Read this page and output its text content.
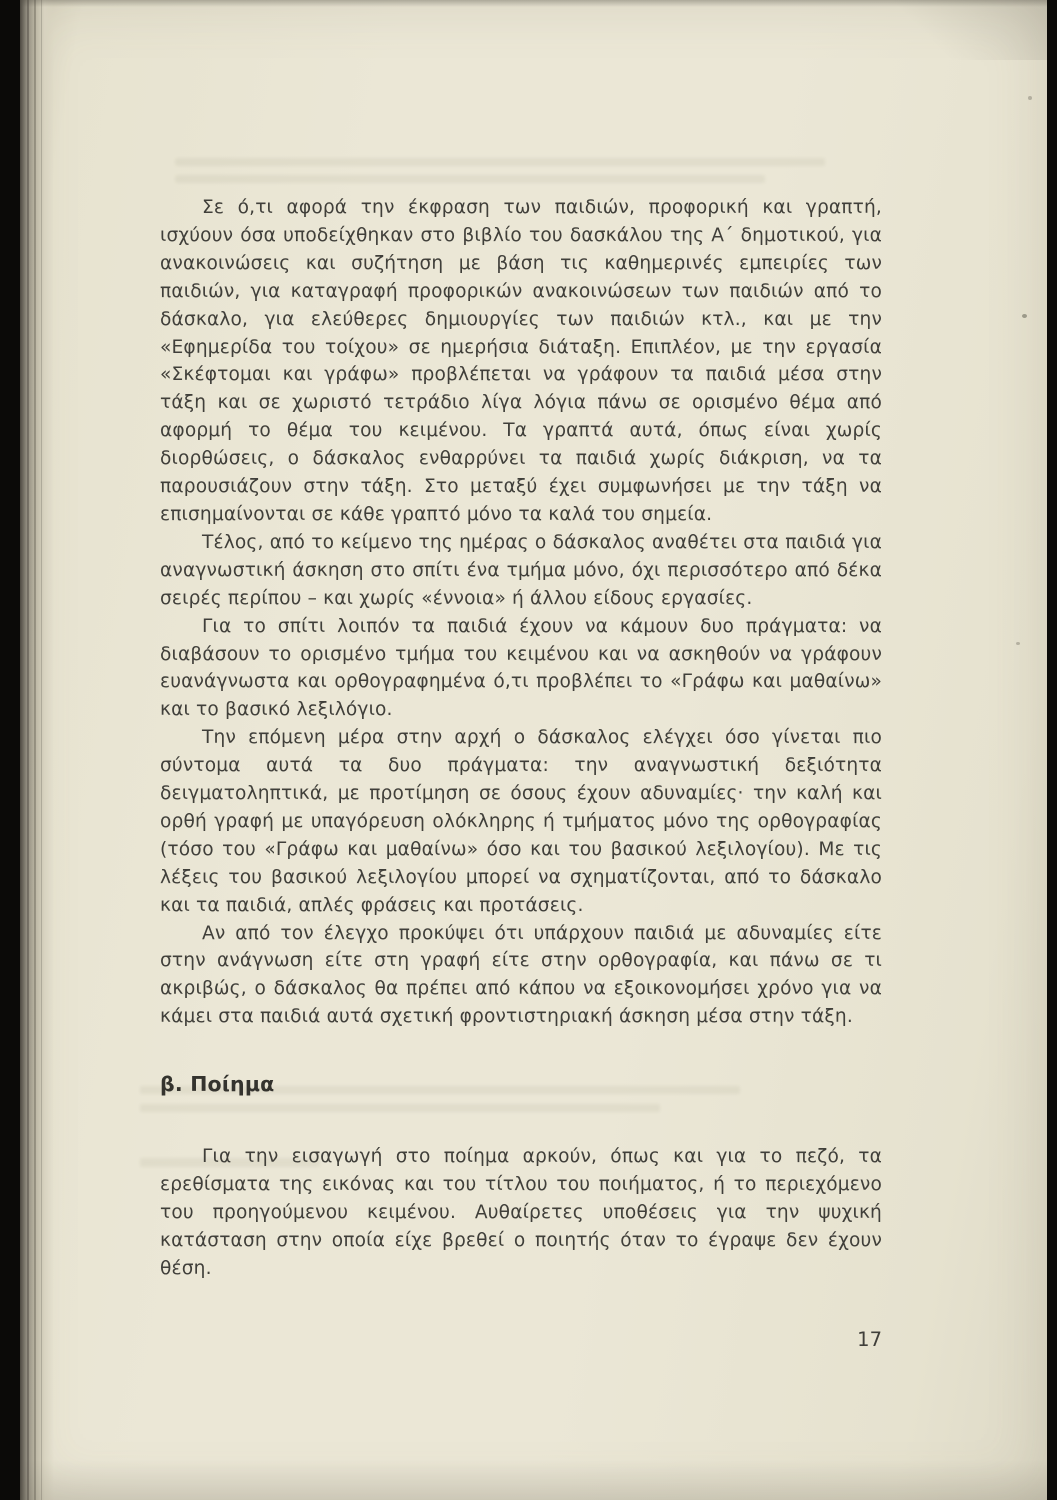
Σε ό,τι αφορά την έκφραση των παιδιών, προφορική και γραπτή, ισχύουν όσα υποδείχθηκαν στο βιβλίο του δασκάλου της Α΄ δημοτικού, για ανακοινώσεις και συζήτηση με βάση τις καθημερινές εμπειρίες των παιδιών, για καταγραφή προφορικών ανακοινώσεων των παιδιών από το δάσκαλο, για ελεύθερες δημιουργίες των παιδιών κτλ., και με την «Εφημερίδα του τοίχου» σε ημερήσια διάταξη. Επιπλέον, με την εργασία «Σκέφτομαι και γράφω» προβλέπεται να γράφουν τα παιδιά μέσα στην τάξη και σε χωριστό τετράδιο λίγα λόγια πάνω σε ορισμένο θέμα από αφορμή το θέμα του κειμένου. Τα γραπτά αυτά, όπως είναι χωρίς διορθώσεις, ο δάσκαλος ενθαρρύνει τα παιδιά χωρίς διάκριση, να τα παρουσιάζουν στην τάξη. Στο μεταξύ έχει συμφωνήσει με την τάξη να επισημαίνονται σε κάθε γραπτό μόνο τα καλά του σημεία.

Τέλος, από το κείμενο της ημέρας ο δάσκαλος αναθέτει στα παιδιά για αναγνωστική άσκηση στο σπίτι ένα τμήμα μόνο, όχι περισσότερο από δέκα σειρές περίπου – και χωρίς «έννοια» ή άλλου είδους εργασίες.

Για το σπίτι λοιπόν τα παιδιά έχουν να κάμουν δυο πράγματα: να διαβάσουν το ορισμένο τμήμα του κειμένου και να ασκηθούν να γράφουν ευανάγνωστα και ορθογραφημένα ό,τι προβλέπει το «Γράφω και μαθαίνω» και το βασικό λεξιλόγιο.

Την επόμενη μέρα στην αρχή ο δάσκαλος ελέγχει όσο γίνεται πιο σύντομα αυτά τα δυο πράγματα: την αναγνωστική δεξιότητα δειγματοληπτικά, με προτίμηση σε όσους έχουν αδυναμίες· την καλή και ορθή γραφή με υπαγόρευση ολόκληρης ή τμήματος μόνο της ορθογραφίας (τόσο του «Γράφω και μαθαίνω» όσο και του βασικού λεξιλογίου). Με τις λέξεις του βασικού λεξιλογίου μπορεί να σχηματίζονται, από το δάσκαλο και τα παιδιά, απλές φράσεις και προτάσεις.

Αν από τον έλεγχο προκύψει ότι υπάρχουν παιδιά με αδυναμίες είτε στην ανάγνωση είτε στη γραφή είτε στην ορθογραφία, και πάνω σε τι ακριβώς, ο δάσκαλος θα πρέπει από κάπου να εξοικονομήσει χρόνο για να κάμει στα παιδιά αυτά σχετική φροντιστηριακή άσκηση μέσα στην τάξη.

β. Ποίημα

Για την εισαγωγή στο ποίημα αρκούν, όπως και για το πεζό, τα ερεθίσματα της εικόνας και του τίτλου του ποιήματος, ή το περιεχόμενο του προηγούμενου κειμένου. Αυθαίρετες υποθέσεις για την ψυχική κατάσταση στην οποία είχε βρεθεί ο ποιητής όταν το έγραψε δεν έχουν θέση.

17
